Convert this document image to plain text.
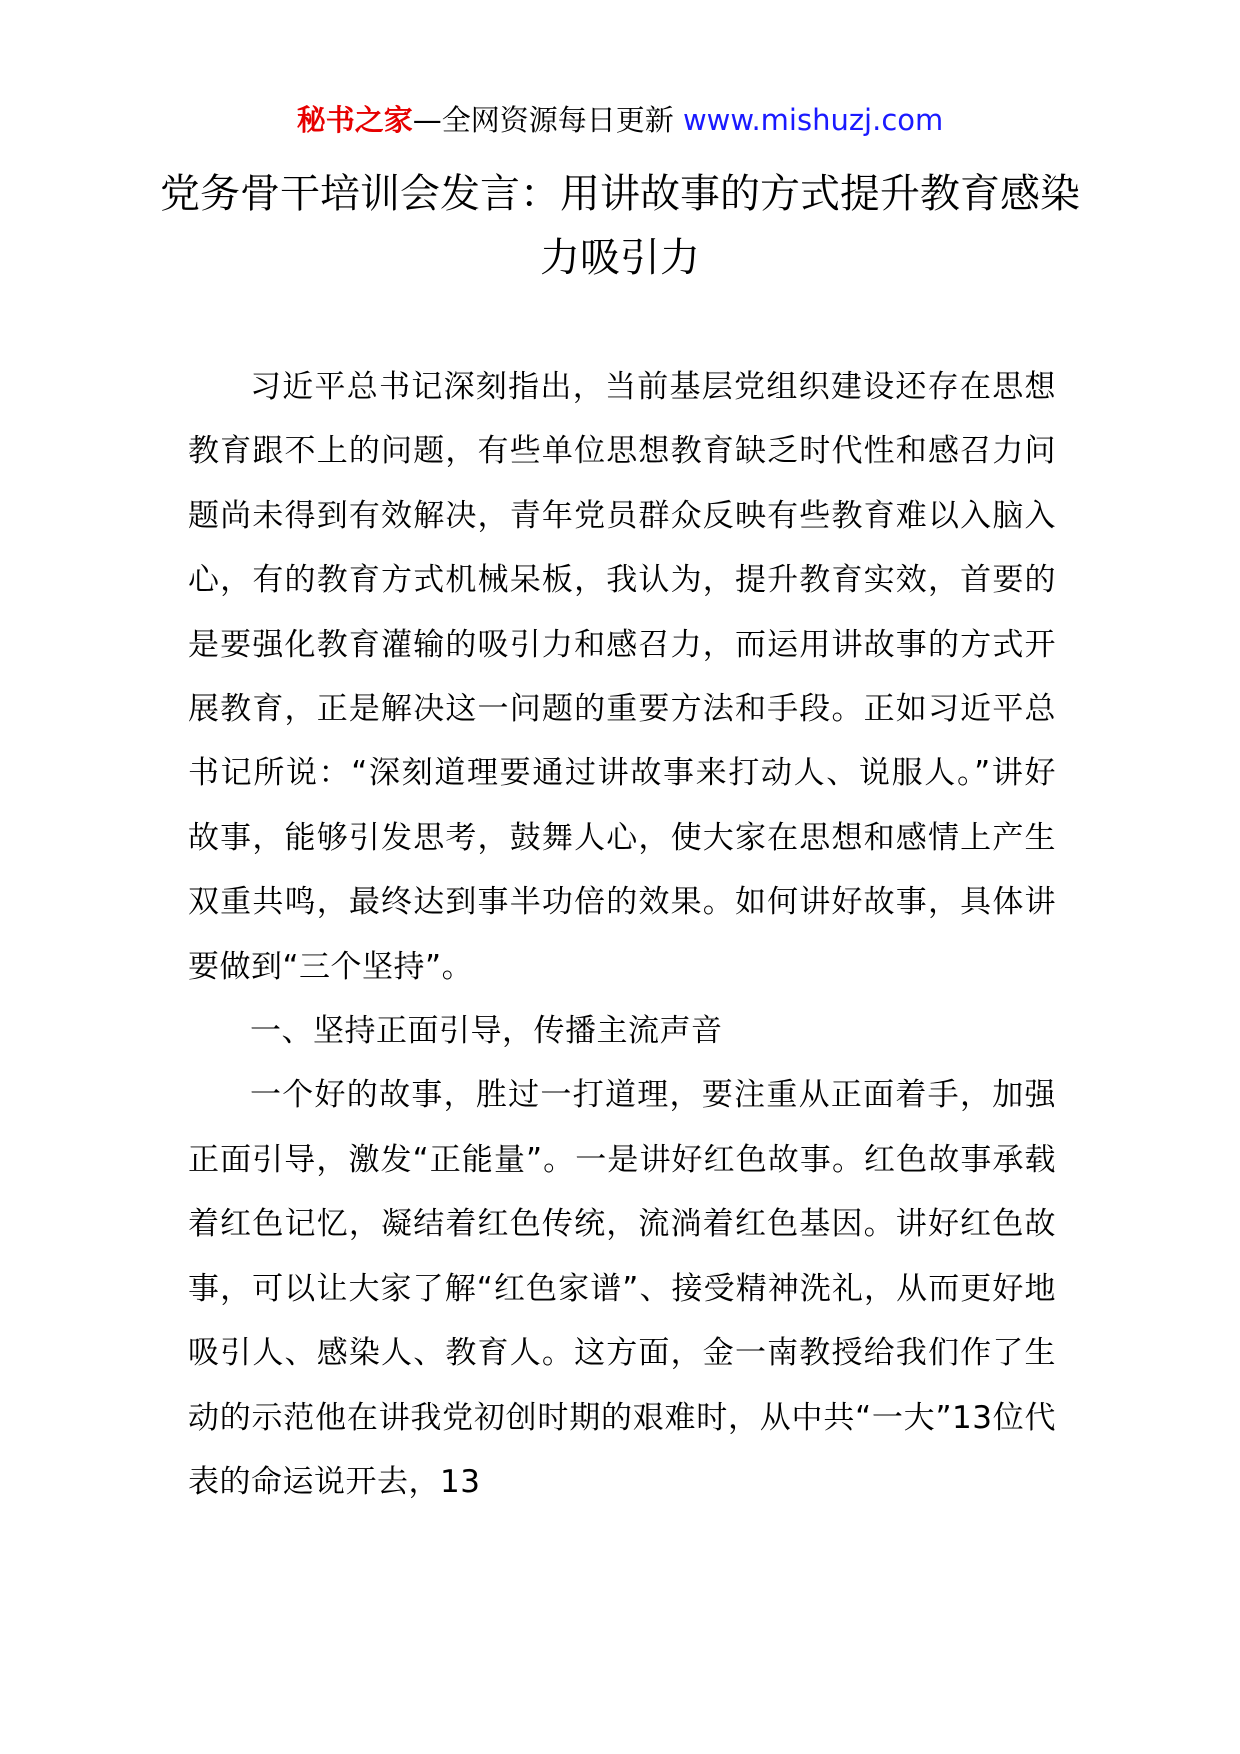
秘书之家—全网资源每日更新 www.mishuzj.com
党务骨干培训会发言：用讲故事的方式提升教育感染力吸引力

习近平总书记深刻指出，当前基层党组织建设还存在思想教育跟不上的问题，有些单位思想教育缺乏时代性和感召力问题尚未得到有效解决，青年党员群众反映有些教育难以入脑入心，有的教育方式机械呆板，我认为，提升教育实效，首要的是要强化教育灌输的吸引力和感召力，而运用讲故事的方式开展教育，正是解决这一问题的重要方法和手段。正如习近平总书记所说：“深刻道理要通过讲故事来打动人、说服人。”讲好故事，能够引发思考，鼓舞人心，使大家在思想和感情上产生双重共鸣，最终达到事半功倍的效果。如何讲好故事，具体讲要做到“三个坚持”。

一、坚持正面引导，传播主流声音

一个好的故事，胜过一打道理，要注重从正面着手，加强正面引导，激发“正能量”。一是讲好红色故事。红色故事承载着红色记忆，凝结着红色传统，流淌着红色基因。讲好红色故事，可以让大家了解“红色家谱”、接受精神洗礼，从而更好地吸引人、感染人、教育人。这方面，金一南教授给我们作了生动的示范他在讲我党初创时期的艰难时，从中共“一大”13位代表的命运说开去，13
